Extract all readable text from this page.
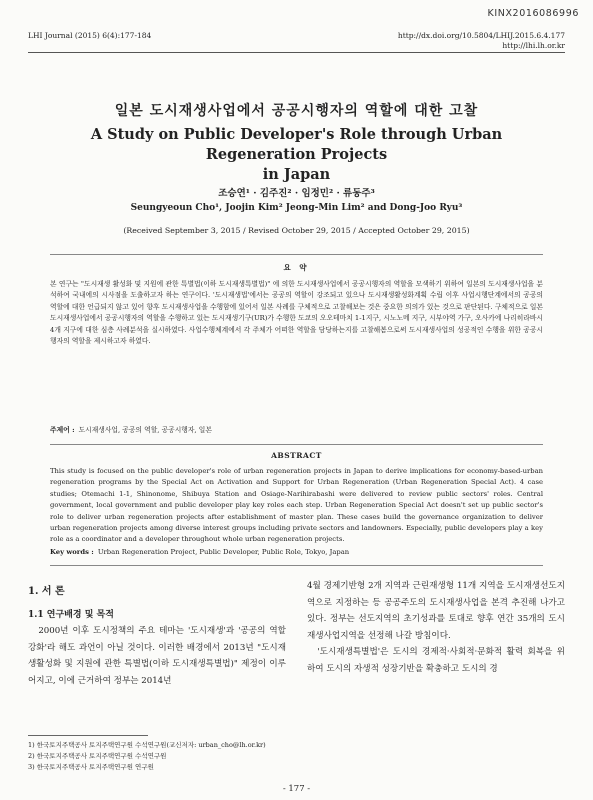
KINX2016086996
LHI Journal (2015) 6(4):177-184	http://dx.doi.org/10.5804/LHIJ.2015.6.4.177
http://lhi.lh.or.kr
일본 도시재생사업에서 공공시행자의 역할에 대한 고찰
A Study on Public Developer's Role through Urban Regeneration Projects
in Japan
조승연¹ · 김주진² · 임정민² · 류동주³
Seungyeoun Cho¹, Joojin Kim² Jeong-Min Lim² and Dong-Joo Ryu³
(Received September 3, 2015 / Revised October 29, 2015 / Accepted October 29, 2015)
요 약

본 연구는 "도시재생 활성화 및 지원에 관한 특별법(이하 도시재생특별법)" 에 의한 도시재생사업에서 공공시행자의 역할을 모색하기 위하여 일본의 도시재생사업을 분석하여 국내에의 시사점을 도출하고자 하는 연구이다. '도시재생법'에서는 공공의 역할이 강조되고 있으나 도시재생활성화계획 수립 이후 사업시행단계에서의 공공의 역할에 대한 언급되지 않고 있어 향후 도시재생사업을 수행함에 있어서 일본 사례를 구체적으로 고찰해보는 것은 중요한 의의가 있는 것으로 판단된다. 구체적으로 일본 도시재생사업에서 공공시행자의 역할을 수행하고 있는 도시재생기구(UR)가 수행한 도쿄의 오오테마치 1-1지구, 시노노메 지구, 시부야역 가구, 오사카에 나리히라바시 4개 지구에 대한 심층 사례분석을 실시하였다. 사업수행체계에서 각 주체가 어떠한 역할을 담당하는지를 고찰해봄으로써 도시재생사업의 성공적인 수행을 위한 공공시행자의 역할을 제시하고자 하였다.

주제어 : 도시재생사업, 공공의 역할, 공공시행자, 일본
ABSTRACT

This study is focused on the public developer's role of urban regeneration projects in Japan to derive implications for economy-based-urban regeneration programs by the Special Act on Activation and Support for Urban Regeneration (Urban Regeneration Special Act). 4 case studies; Otemachi 1-1, Shinonome, Shibuya Station and Osiage-Narihirabashi were delivered to review public sectors' roles. Central government, local government and public developer play key roles each step. Urban Regeneration Special Act doesn't set up public sector's role to deliver urban regeneration projects after establishment of master plan. These cases build the governance organization to deliver urban regeneration projects among diverse interest groups including private sectors and landowners. Especially, public developers play a key role as a coordinator and a developer throughout whole urban regeneration projects.

Key words : Urban Regeneration Project, Public Developer, Public Role, Tokyo, Japan
1. 서 론
1.1 연구배경 및 목적

2000년 이후 도시정책의 주요 테마는 '도시재생'과 '공공의 역할 강화'라 해도 과언이 아닐 것이다. 이러한 배경에서 2013년 "도시재생활성화 및 지원에 관한 특별법(이하 도시재생특별법)" 제정이 이루어지고, 이에 근거하여 정부는 2014년

4월 경제기반형 2개 지역과 근린재생형 11개 지역을 도시재생선도지역으로 지정하는 등 공공주도의 도시재생사업을 본격 추진해 나가고 있다. 정부는 선도지역의 초기성과를 토대로 향후 연간 35개의 도시재생사업지역을 선정해 나갈 방침이다.

'도시재생특별법'은 도시의 경제적·사회적·문화적 활력 회복을 위하여 도시의 자생적 성장기반을 확충하고 도시의 경

1) 한국토지주택공사 토지주택연구원 수석연구원(교신저자: urban_cho@lh.or.kr)
2) 한국토지주택공사 토지주택연구원 수석연구원
3) 한국토지주택공사 토지주택연구원 연구원
- 177 -
